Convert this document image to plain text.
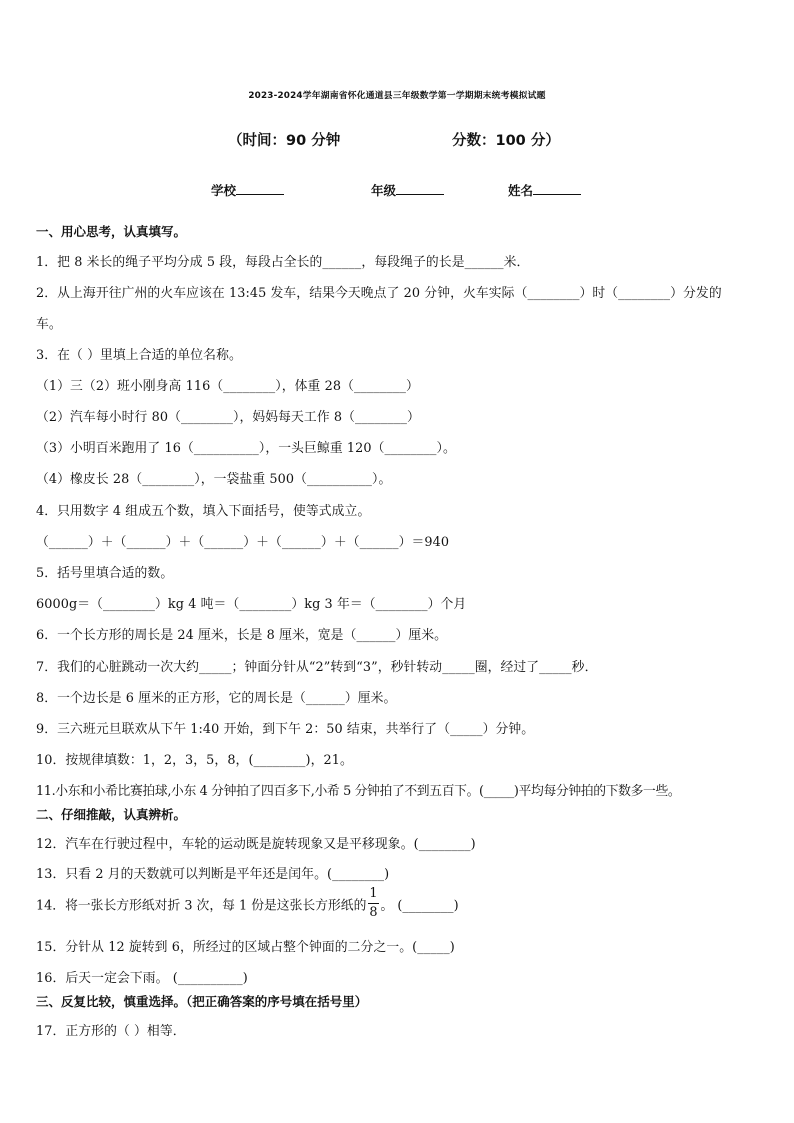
2023-2024学年湖南省怀化通道县三年级数学第一学期期末统考模拟试题
（时间：90 分钟	分数：100 分）
学校	年级	姓名
一、用心思考，认真填写。
1．把 8 米长的绳子平均分成 5 段，每段占全长的______，每段绳子的长是______米．
2．从上海开往广州的火车应该在 13:45 发车，结果今天晚点了 20 分钟，火车实际（________）时（________）分发的
车。
3．在（ ）里填上合适的单位名称。
（1）三（2）班小刚身高 116（________），体重 28（________）
（2）汽车每小时行 80（________），妈妈每天工作 8（________）
（3）小明百米跑用了 16（__________），一头巨鲸重 120（________）。
（4）橡皮长 28（________），一袋盐重 500（__________）。
4．只用数字 4 组成五个数，填入下面括号，使等式成立。
（______）＋（______）＋（______）＋（______）＋（______）＝940
5．括号里填合适的数。
6000g＝（________）kg 4 吨＝（________）kg 3 年＝（________）个月
6．一个长方形的周长是 24 厘米，长是 8 厘米，宽是（______）厘米。
7．我们的心脏跳动一次大约_____；钟面分针从“2”转到“3”，秒针转动_____圈，经过了_____秒．
8．一个边长是 6 厘米的正方形，它的周长是（______）厘米。
9．三六班元旦联欢从下午 1:40 开始，到下午 2：50 结束，共举行了（_____）分钟。
10．按规律填数：1，2，3，5，8，(________)，21。
11.小东和小希比赛拍球,小东 4 分钟拍了四百多下,小希 5 分钟拍了不到五百下。(_____)平均每分钟拍的下数多一些。
二、仔细推敲，认真辨析。
12．汽车在行驶过程中，车轮的运动既是旋转现象又是平移现象。(________)
13．只看 2 月的天数就可以判断是平年还是闰年。(________)
14．将一张长方形纸对折 3 次，每 1 份是这张长方形纸的 $\frac{1}{8}$ 。 (________)
15．分针从 12 旋转到 6，所经过的区域占整个钟面的二分之一。(_____)
16．后天一定会下雨。 (__________)
三、反复比较，慎重选择。（把正确答案的序号填在括号里）
17．正方形的（ ）相等．
